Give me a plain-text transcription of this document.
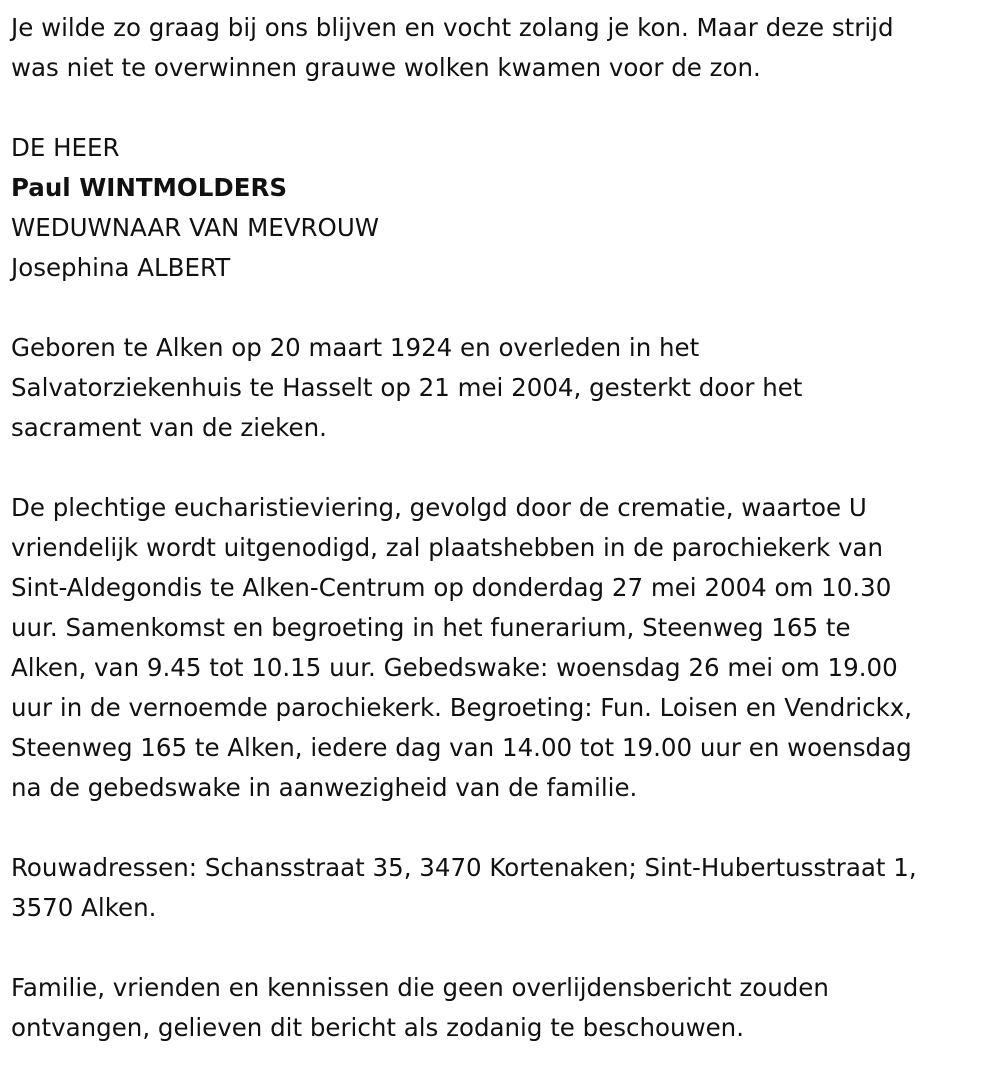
Je wilde zo graag bij ons blijven en vocht zolang je kon. Maar deze strijd
was niet te overwinnen grauwe wolken kwamen voor de zon.

DE HEER
Paul WINTMOLDERS
WEDUWNAAR VAN MEVROUW
Josephina ALBERT

Geboren te Alken op 20 maart 1924 en overleden in het
Salvatorziekenhuis te Hasselt op 21 mei 2004, gesterkt door het
sacrament van de zieken.

De plechtige eucharistieviering, gevolgd door de crematie, waartoe U
vriendelijk wordt uitgenodigd, zal plaatshebben in de parochiekerk van
Sint-Aldegondis te Alken-Centrum op donderdag 27 mei 2004 om 10.30
uur. Samenkomst en begroeting in het funerarium, Steenweg 165 te
Alken, van 9.45 tot 10.15 uur. Gebedswake: woensdag 26 mei om 19.00
uur in de vernoemde parochiekerk. Begroeting: Fun. Loisen en Vendrickx,
Steenweg 165 te Alken, iedere dag van 14.00 tot 19.00 uur en woensdag
na de gebedswake in aanwezigheid van de familie.

Rouwadressen: Schansstraat 35, 3470 Kortenaken; Sint-Hubertusstraat 1,
3570 Alken.

Familie, vrienden en kennissen die geen overlijdensbericht zouden
ontvangen, gelieven dit bericht als zodanig te beschouwen.
